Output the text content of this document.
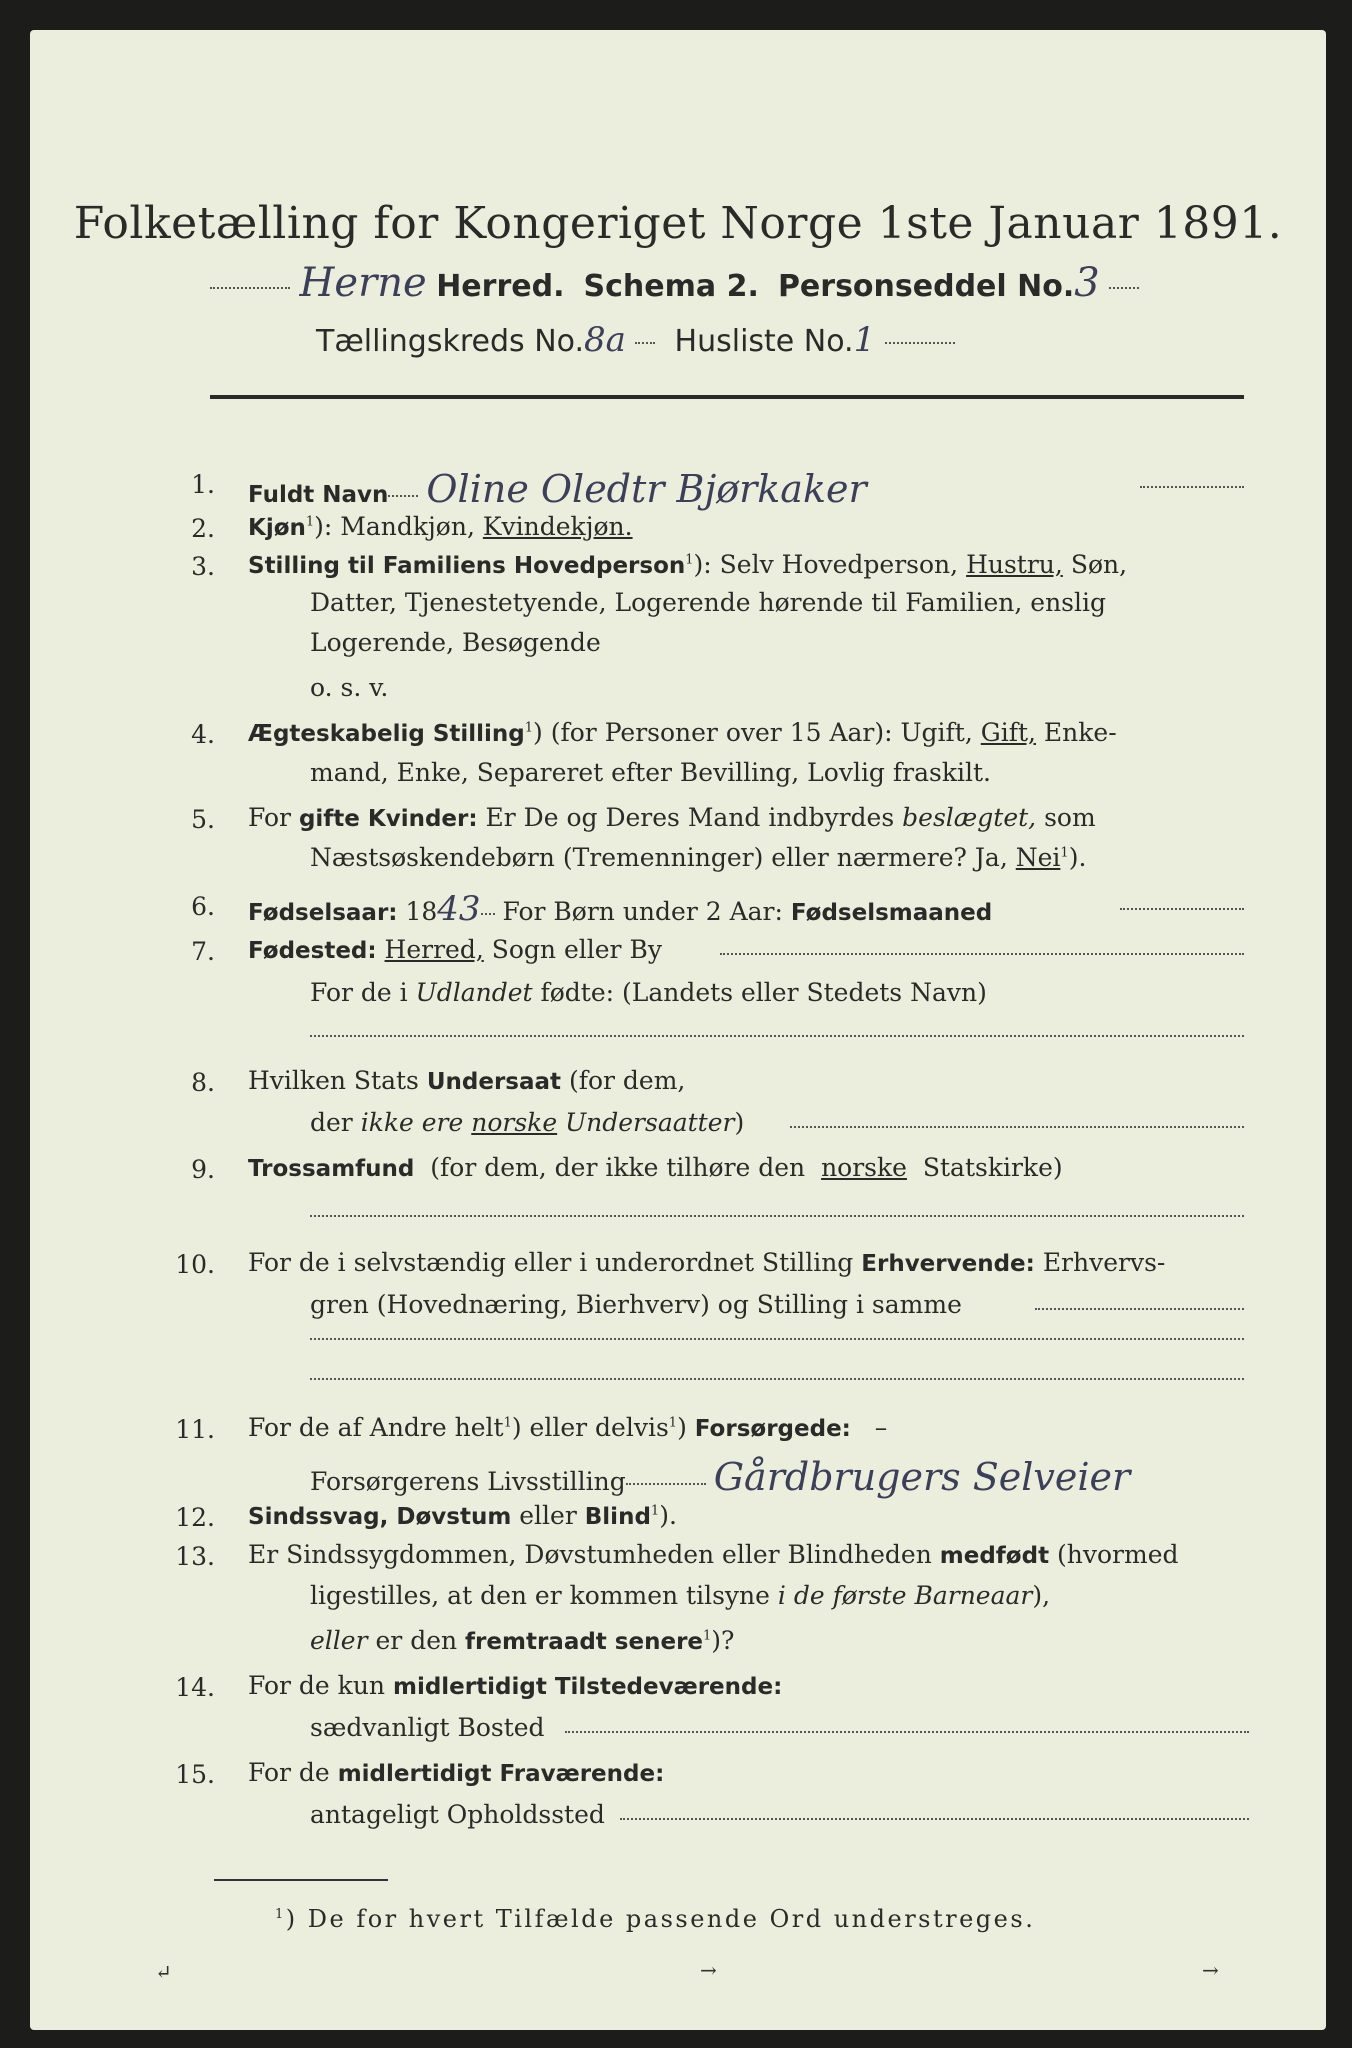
Folketælling for Kongeriget Norge 1ste Januar 1891.
Herne Herred. Schema 2. Personseddel No.3
Tællingskreds No.8a Husliste No.1
1. Fuldt Navn Oline Oledtr Bjørkaker
2. Kjøn$^1$): Mandkjøn, Kvindekjøn.
3. Stilling til Familiens Hovedperson$^1$): Selv Hovedperson, Hustru, Søn,
Datter, Tjenestetyende, Logerende hørende til Familien, enslig
Logerende, Besøgende
o. s. v.
4. Ægteskabelig Stilling$^1$) (for Personer over 15 Aar): Ugift, Gift, Enke-
mand, Enke, Separeret efter Bevilling, Lovlig fraskilt.
5. For gifte Kvinder: Er De og Deres Mand indbyrdes beslægtet, som
Næstsøskendebørn (Tremenninger) eller nærmere? Ja, Nei$^1$).
6. Fødselsaar: 1843 For Børn under 2 Aar: Fødselsmaaned
7. Fødested: Herred, Sogn eller By
For de i Udlandet fødte: (Landets eller Stedets Navn)
8. Hvilken Stats Undersaat (for dem,
der ikke ere norske Undersaatter)
9. Trossamfund (for dem, der ikke tilhøre den norske Statskirke)
10. For de i selvstændig eller i underordnet Stilling Erhvervende: Erhvervs-
gren (Hovednæring, Bierhverv) og Stilling i samme
11. For de af Andre helt$^1$) eller delvis$^1$) Forsørgede: –
Forsørgerens Livsstilling Gårdbrugers Selveier
12. Sindssvag, Døvstum eller Blind$^1$).
13. Er Sindssygdommen, Døvstumheden eller Blindheden medfødt (hvormed
ligestilles, at den er kommen tilsyne i de første Barneaar),
eller er den fremtraadt senere$^1$)?
14. For de kun midlertidigt Tilstedeværende:
sædvanligt Bosted
15. For de midlertidigt Fraværende:
antageligt Opholdssted
$^1$) De for hvert Tilfælde passende Ord understreges.
↵	→	→
